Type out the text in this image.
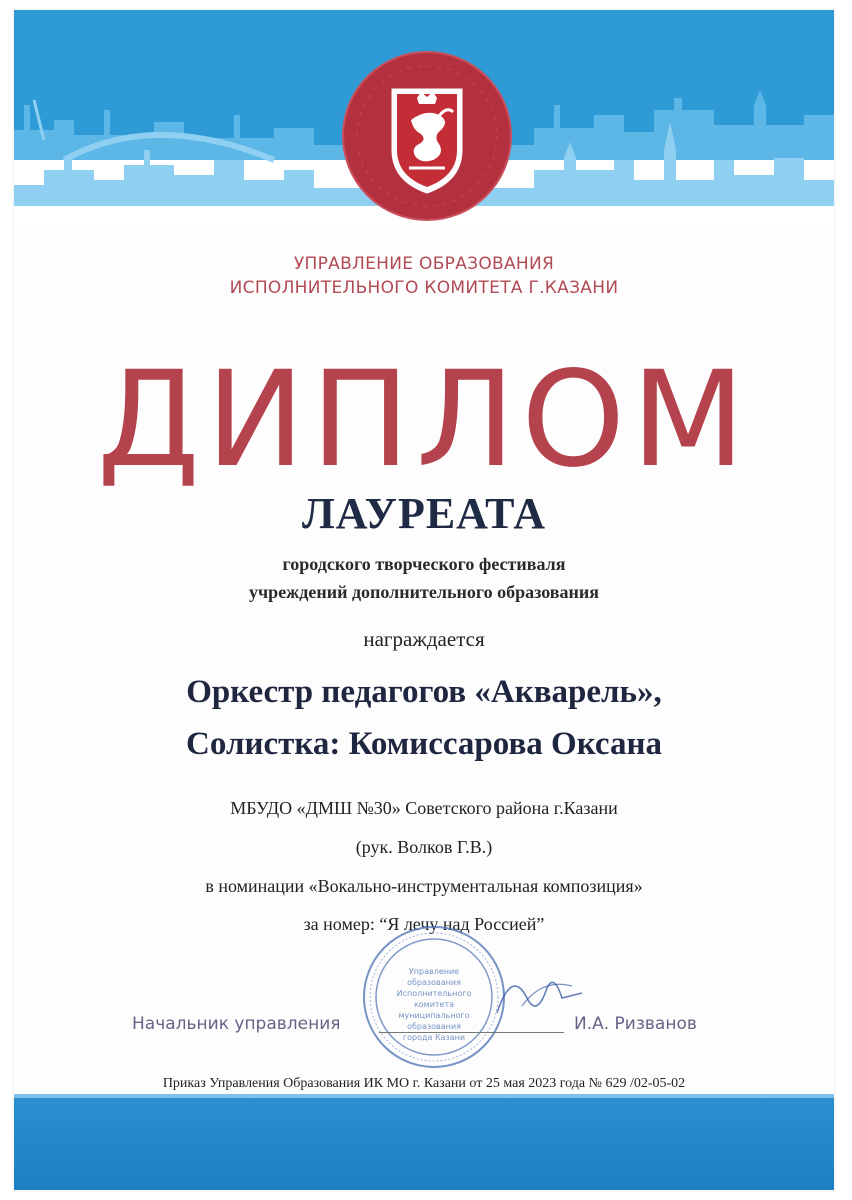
УПРАВЛЕНИЕ ОБРАЗОВАНИЯ
ИСПОЛНИТЕЛЬНОГО КОМИТЕТА Г.КАЗАНИ
ДИПЛОМ
ЛАУРЕАТА
городского творческого фестиваля
учреждений дополнительного образования
награждается
Оркестр педагогов «Акварель»,
Солистка: Комиссарова Оксана
МБУДО «ДМШ №30» Советского района г.Казани
(рук. Волков Г.В.)
в номинации «Вокально-инструментальная композиция»
за номер: “Я лечу над Россией”
Управление
образования
Исполнительного
комитета
муниципального
образования
города Казани
Начальник управления	И.А. Ризванов
Приказ Управления Образования ИК МО г. Казани от 25 мая 2023 года № 629 /02-05-02
